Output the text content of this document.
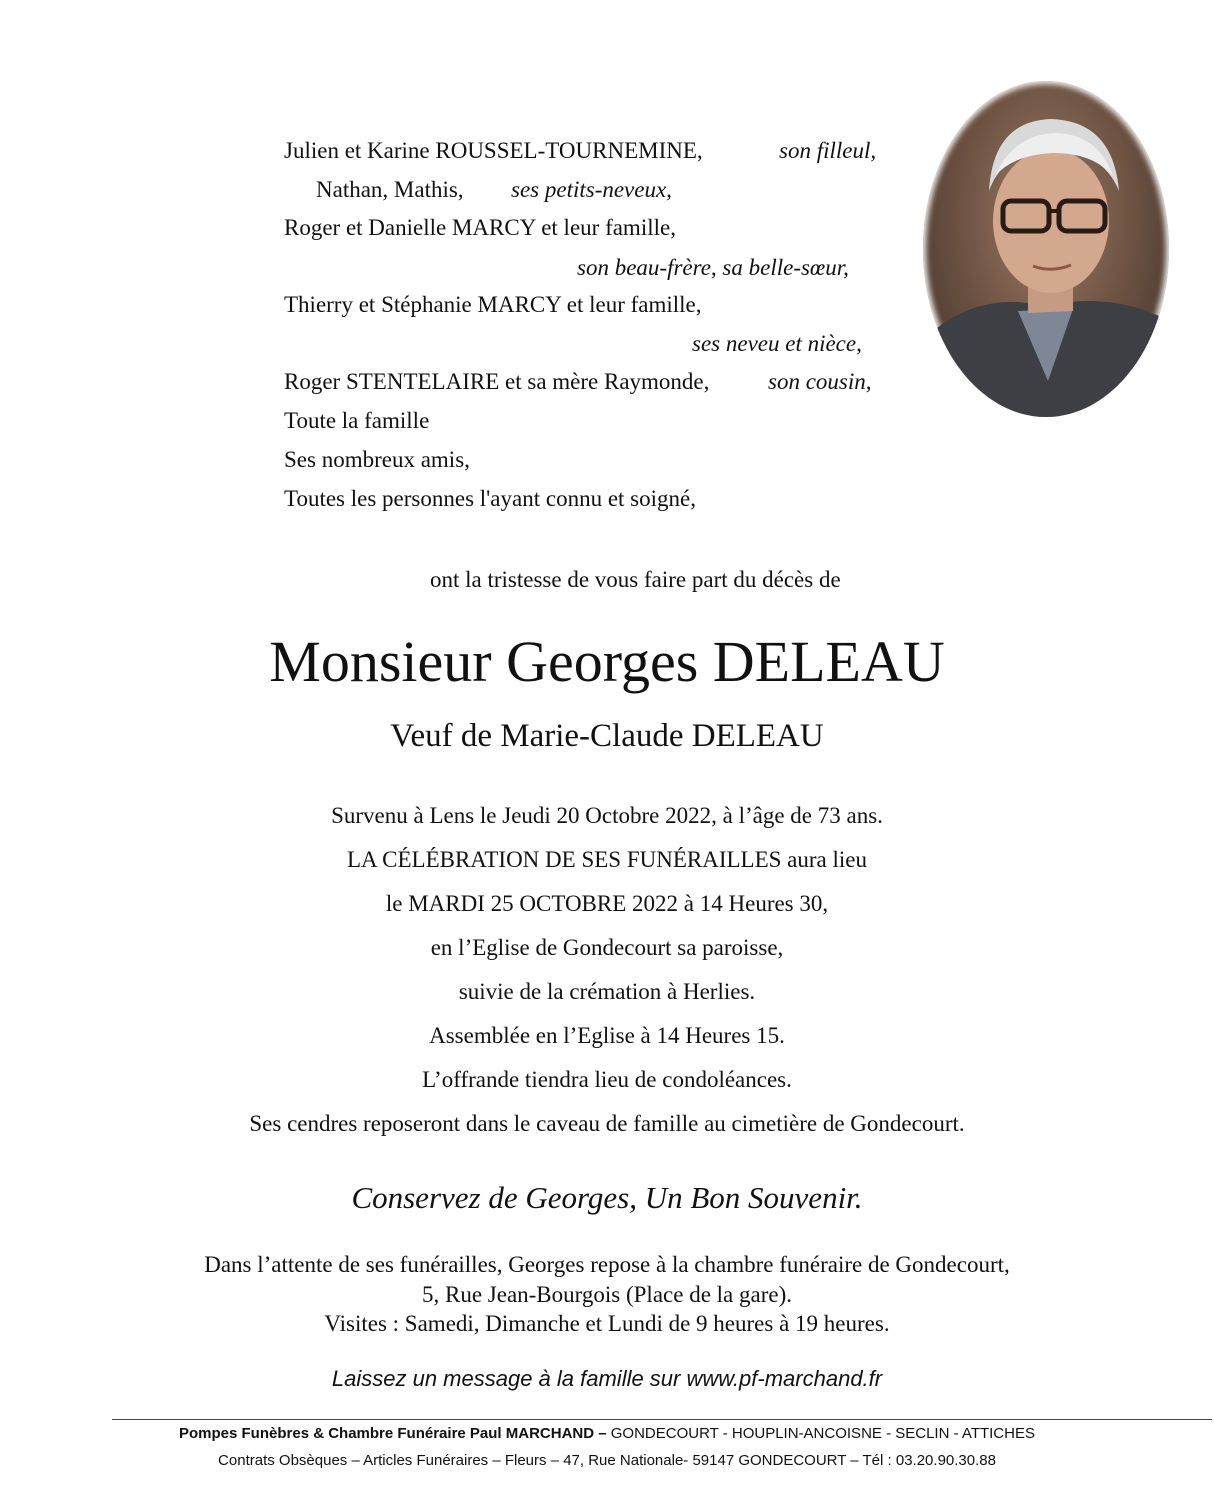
Julien et Karine ROUSSEL-TOURNEMINE,	son filleul,
Nathan, Mathis, ses petits-neveux,
Roger et Danielle MARCY et leur famille,
son beau-frère, sa belle-sœur,
Thierry et Stéphanie MARCY et leur famille,
ses neveu et nièce,
Roger STENTELAIRE et sa mère Raymonde,	son cousin,
Toute la famille
Ses nombreux amis,
Toutes les personnes l'ayant connu et soigné,
ont la tristesse de vous faire part du décès de
Monsieur Georges DELEAU
Veuf de Marie-Claude DELEAU
Survenu à Lens le Jeudi 20 Octobre 2022, à l’âge de 73 ans.
LA CÉLÉBRATION DE SES FUNÉRAILLES aura lieu
le MARDI 25 OCTOBRE 2022 à 14 Heures 30,
en l’Eglise de Gondecourt sa paroisse,
suivie de la crémation à Herlies.
Assemblée en l’Eglise à 14 Heures 15.
L’offrande tiendra lieu de condoléances.
Ses cendres reposeront dans le caveau de famille au cimetière de Gondecourt.
Conservez de Georges, Un Bon Souvenir.
Dans l’attente de ses funérailles, Georges repose à la chambre funéraire de Gondecourt,
5, Rue Jean-Bourgois (Place de la gare).
Visites : Samedi, Dimanche et Lundi de 9 heures à 19 heures.
Laissez un message à la famille sur www.pf-marchand.fr
Pompes Funèbres & Chambre Funéraire Paul MARCHAND – GONDECOURT - HOUPLIN-ANCOISNE - SECLIN - ATTICHES
Contrats Obsèques – Articles Funéraires – Fleurs – 47, Rue Nationale- 59147 GONDECOURT – Tél : 03.20.90.30.88
